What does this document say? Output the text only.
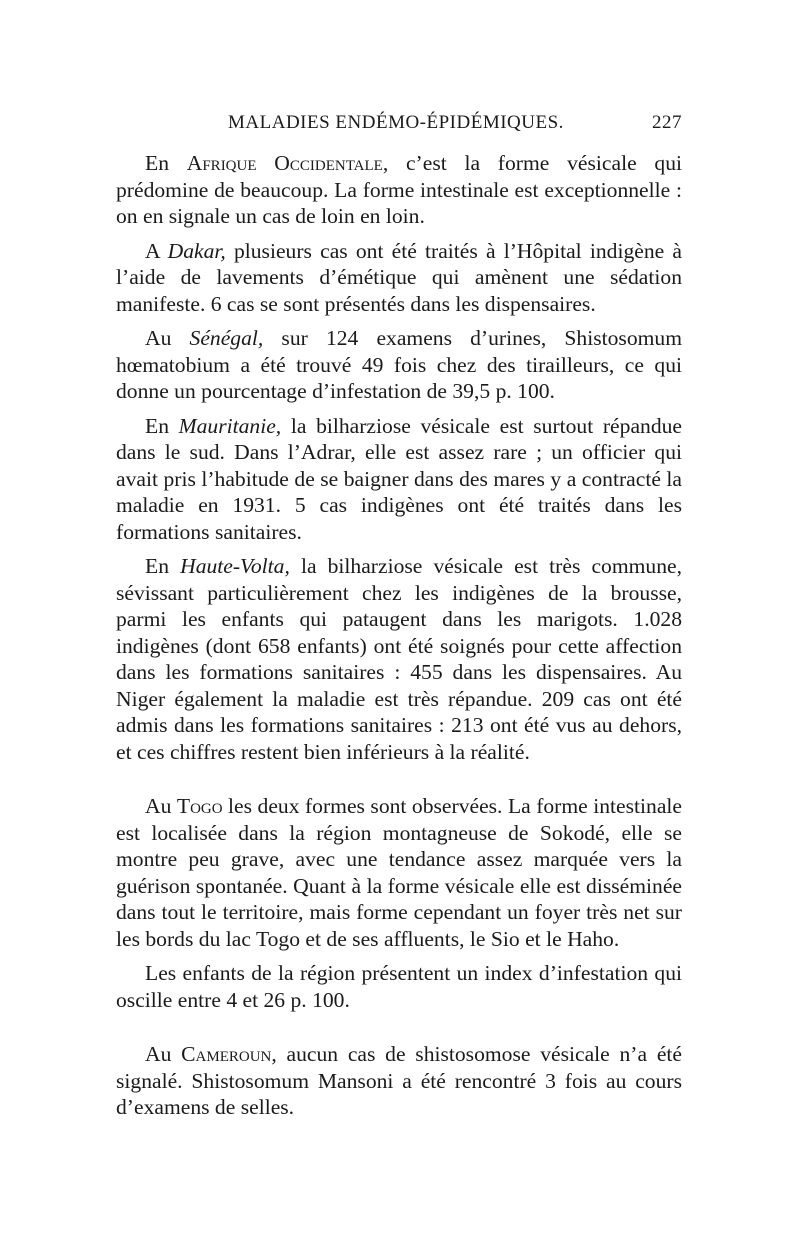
MALADIES ENDÉMO-ÉPIDÉMIQUES.	227

En Afrique Occidentale, c’est la forme vésicale qui prédomine de beaucoup. La forme intestinale est exceptionnelle : on en signale un cas de loin en loin.

A Dakar, plusieurs cas ont été traités à l’Hôpital indigène à l’aide de lavements d’émétique qui amènent une sédation manifeste. 6 cas se sont présentés dans les dispensaires.

Au Sénégal, sur 124 examens d’urines, Shistosomum hœmatobium a été trouvé 49 fois chez des tirailleurs, ce qui donne un pourcentage d’infestation de 39,5 p. 100.

En Mauritanie, la bilharziose vésicale est surtout répandue dans le sud. Dans l’Adrar, elle est assez rare ; un officier qui avait pris l’habitude de se baigner dans des mares y a contracté la maladie en 1931. 5 cas indigènes ont été traités dans les formations sanitaires.

En Haute-Volta, la bilharziose vésicale est très commune, sévissant particulièrement chez les indigènes de la brousse, parmi les enfants qui pataugent dans les marigots. 1.028 indigènes (dont 658 enfants) ont été soignés pour cette affection dans les formations sanitaires : 455 dans les dispensaires. Au Niger également la maladie est très répandue. 209 cas ont été admis dans les formations sanitaires : 213 ont été vus au dehors, et ces chiffres restent bien inférieurs à la réalité.

Au Togo les deux formes sont observées. La forme intestinale est localisée dans la région montagneuse de Sokodé, elle se montre peu grave, avec une tendance assez marquée vers la guérison spontanée. Quant à la forme vésicale elle est disséminée dans tout le territoire, mais forme cependant un foyer très net sur les bords du lac Togo et de ses affluents, le Sio et le Haho.

Les enfants de la région présentent un index d’infestation qui oscille entre 4 et 26 p. 100.

Au Cameroun, aucun cas de shistosomose vésicale n’a été signalé. Shistosomum Mansoni a été rencontré 3 fois au cours d’examens de selles.
